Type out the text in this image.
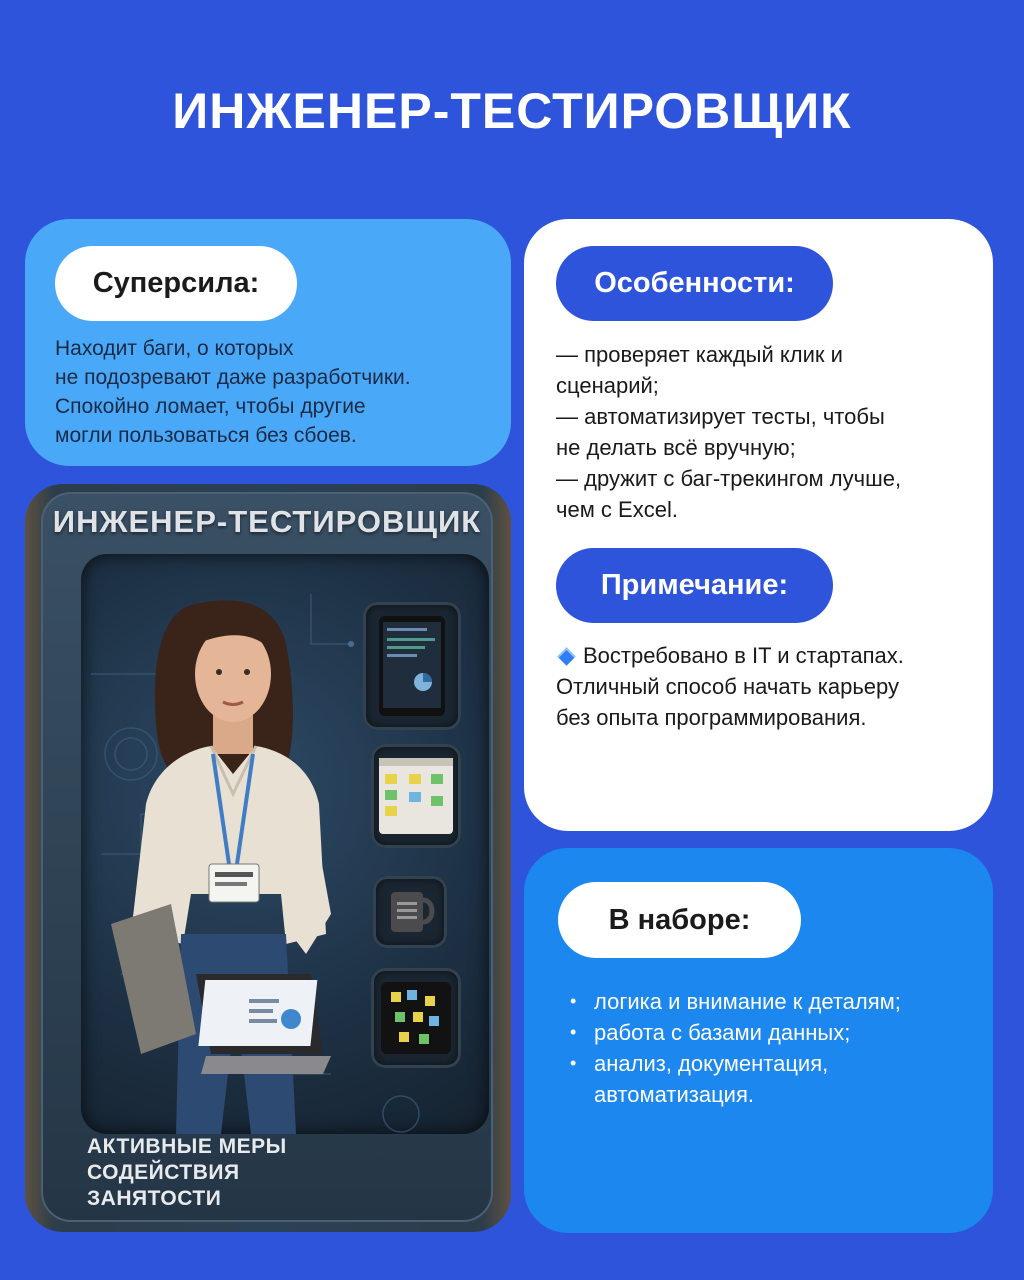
ИНЖЕНЕР-ТЕСТИРОВЩИК
Суперсила:
Находит баги, о которых
не подозревают даже разработчики.
Спокойно ломает, чтобы другие
могли пользоваться без сбоев.
Особенности:
— проверяет каждый клик и
сценарий;
— автоматизирует тесты, чтобы
не делать всё вручную;
— дружит с баг-трекингом лучше,
чем с Excel.
Примечание:
Востребовано в IT и стартапах.
Отличный способ начать карьеру
без опыта программирования.
В наборе:
• логика и внимание к деталям;
• работа с базами данных;
• анализ, документация, автоматизация.
ИНЖЕНЕР-ТЕСТИРОВЩИК
АКТИВНЫЕ МЕРЫ
СОДЕЙСТВИЯ
ЗАНЯТОСТИ
